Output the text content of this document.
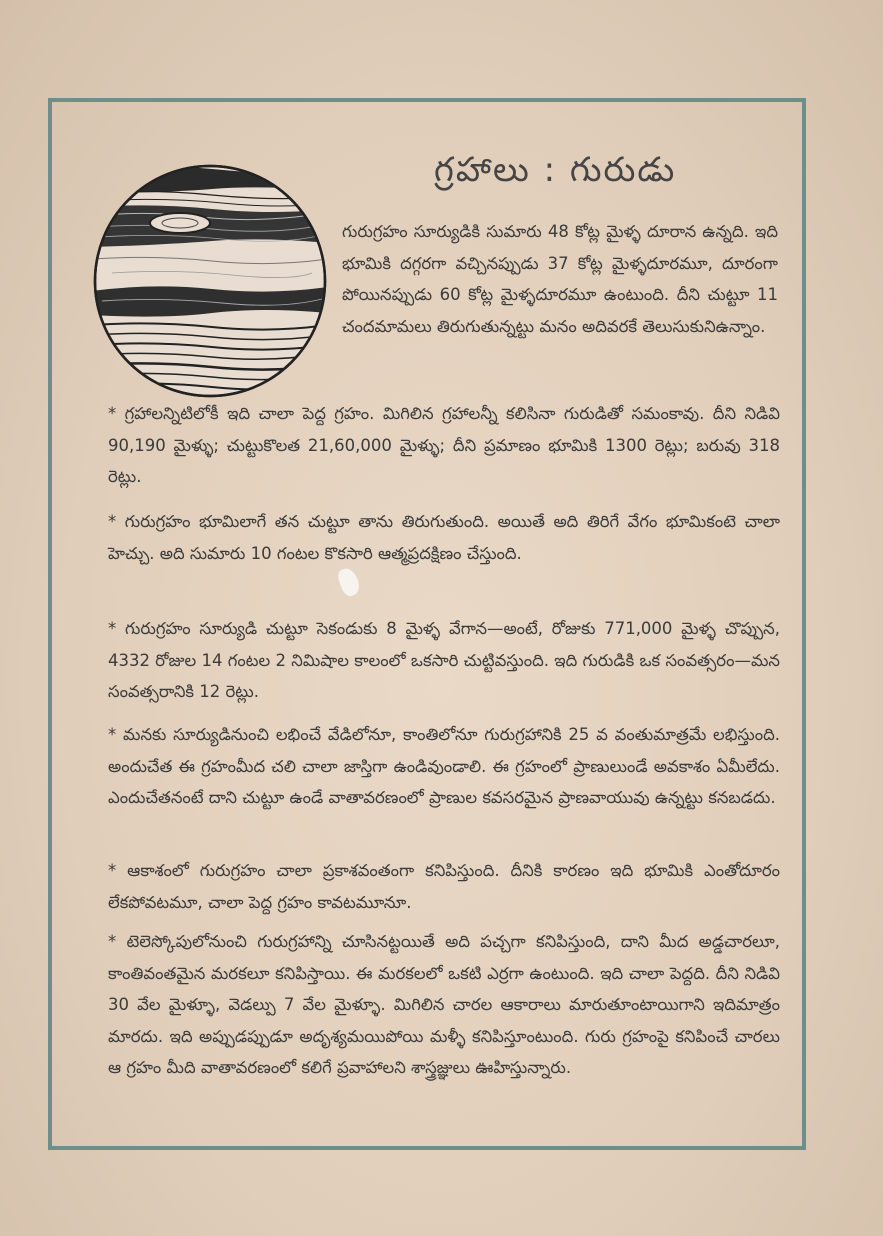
గ్రహాలు : గురుడు

గురుగ్రహం సూర్యుడికి సుమారు 48 కోట్ల మైళ్ళ దూరాన ఉన్నది. ఇది భూమికి దగ్గరగా వచ్చినప్పుడు 37 కోట్ల మైళ్ళదూరమూ, దూరంగా పోయినప్పుడు 60 కోట్ల మైళ్ళదూరమూ ఉంటుంది. దీని చుట్టూ 11 చందమామలు తిరుగుతున్నట్టు మనం అదివరకే తెలుసుకునిఉన్నాం.

* గ్రహాలన్నిటిలోకీ ఇది చాలా పెద్ద గ్రహం. మిగిలిన గ్రహాలన్నీ కలిసినా గురుడితో సమంకావు. దీని నిడివి 90,190 మైళ్ళు; చుట్టుకొలత 21,60,000 మైళ్ళు; దీని ప్రమాణం భూమికి 1300 రెట్లు; బరువు 318 రెట్లు.

* గురుగ్రహం భూమిలాగే తన చుట్టూ తాను తిరుగుతుంది. అయితే అది తిరిగే వేగం భూమికంటె చాలా హెచ్చు. అది సుమారు 10 గంటల కొకసారి ఆత్మప్రదక్షిణం చేస్తుంది.

* గురుగ్రహం సూర్యుడి చుట్టూ సెకండుకు 8 మైళ్ళ వేగాన—అంటే, రోజుకు 771,000 మైళ్ళ చొప్పున, 4332 రోజుల 14 గంటల 2 నిమిషాల కాలంలో ఒకసారి చుట్టివస్తుంది. ఇది గురుడికి ఒక సంవత్సరం—మన సంవత్సరానికి 12 రెట్లు.

* మనకు సూర్యుడినుంచి లభించే వేడిలోనూ, కాంతిలోనూ గురుగ్రహానికి 25 వ వంతుమాత్రమే లభిస్తుంది. అందుచేత ఈ గ్రహంమీద చలి చాలా జాస్తిగా ఉండివుండాలి. ఈ గ్రహంలో ప్రాణులుండే అవకాశం ఏమీలేదు. ఎందుచేతనంటే దాని చుట్టూ ఉండే వాతావరణంలో ప్రాణుల కవసరమైన ప్రాణవాయువు ఉన్నట్టు కనబడదు.

* ఆకాశంలో గురుగ్రహం చాలా ప్రకాశవంతంగా కనిపిస్తుంది. దీనికి కారణం ఇది భూమికి ఎంతోదూరం లేకపోవటమూ, చాలా పెద్ద గ్రహం కావటమూనూ.

* టెలెస్కోపులోనుంచి గురుగ్రహాన్ని చూసినట్టయితే అది పచ్చగా కనిపిస్తుంది, దాని మీద అడ్డచారలూ, కాంతివంతమైన మరకలూ కనిపిస్తాయి. ఈ మరకలలో ఒకటి ఎర్రగా ఉంటుంది. ఇది చాలా పెద్దది. దీని నిడివి 30 వేల మైళ్ళూ, వెడల్పు 7 వేల మైళ్ళూ. మిగిలిన చారల ఆకారాలు మారుతూంటాయిగాని ఇదిమాత్రం మారదు. ఇది అప్పుడప్పుడూ అదృశ్యమయిపోయి మళ్ళీ కనిపిస్తూంటుంది. గురు గ్రహంపై కనిపించే చారలు ఆ గ్రహం మీది వాతావరణంలో కలిగే ప్రవాహాలని శాస్త్రజ్ఞులు ఊహిస్తున్నారు.
